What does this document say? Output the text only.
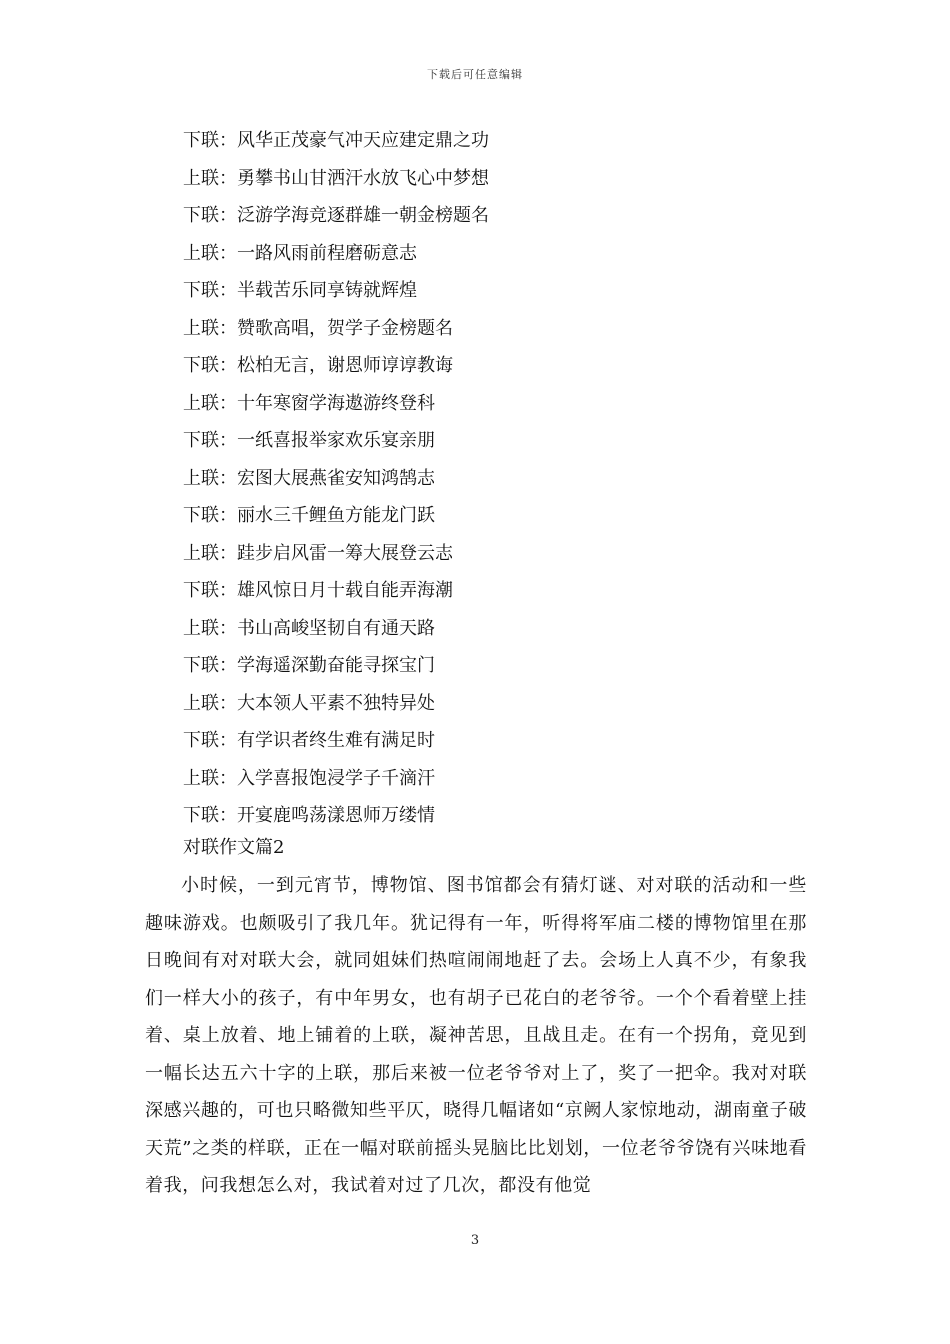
下载后可任意编辑
下联：风华正茂豪气冲天应建定鼎之功
上联：勇攀书山甘洒汗水放飞心中梦想
下联：泛游学海竞逐群雄一朝金榜题名
上联：一路风雨前程磨砺意志
下联：半载苦乐同享铸就辉煌
上联：赞歌高唱，贺学子金榜题名
下联：松柏无言，谢恩师谆谆教诲
上联：十年寒窗学海遨游终登科
下联：一纸喜报举家欢乐宴亲朋
上联：宏图大展燕雀安知鸿鹄志
下联：丽水三千鲤鱼方能龙门跃
上联：跬步启风雷一筹大展登云志
下联：雄风惊日月十载自能弄海潮
上联：书山高峻坚韧自有通天路
下联：学海遥深勤奋能寻探宝门
上联：大本领人平素不独特异处
下联：有学识者终生难有满足时
上联：入学喜报饱浸学子千滴汗
下联：开宴鹿鸣荡漾恩师万缕情
对联作文篇2

小时候，一到元宵节，博物馆、图书馆都会有猜灯谜、对对联的活动和一些趣味游戏。也颇吸引了我几年。犹记得有一年，听得将军庙二楼的博物馆里在那日晚间有对对联大会，就同姐妹们热喧闹闹地赶了去。会场上人真不少，有象我们一样大小的孩子，有中年男女，也有胡子已花白的老爷爷。一个个看着壁上挂着、桌上放着、地上铺着的上联，凝神苦思，且战且走。在有一个拐角，竟见到一幅长达五六十字的上联，那后来被一位老爷爷对上了，奖了一把伞。我对对联深感兴趣的，可也只略微知些平仄，晓得几幅诸如“京阙人家惊地动，湖南童子破天荒”之类的样联，正在一幅对联前摇头晃脑比比划划，一位老爷爷饶有兴味地看着我，问我想怎么对，我试着对过了几次，都没有他觉

3
